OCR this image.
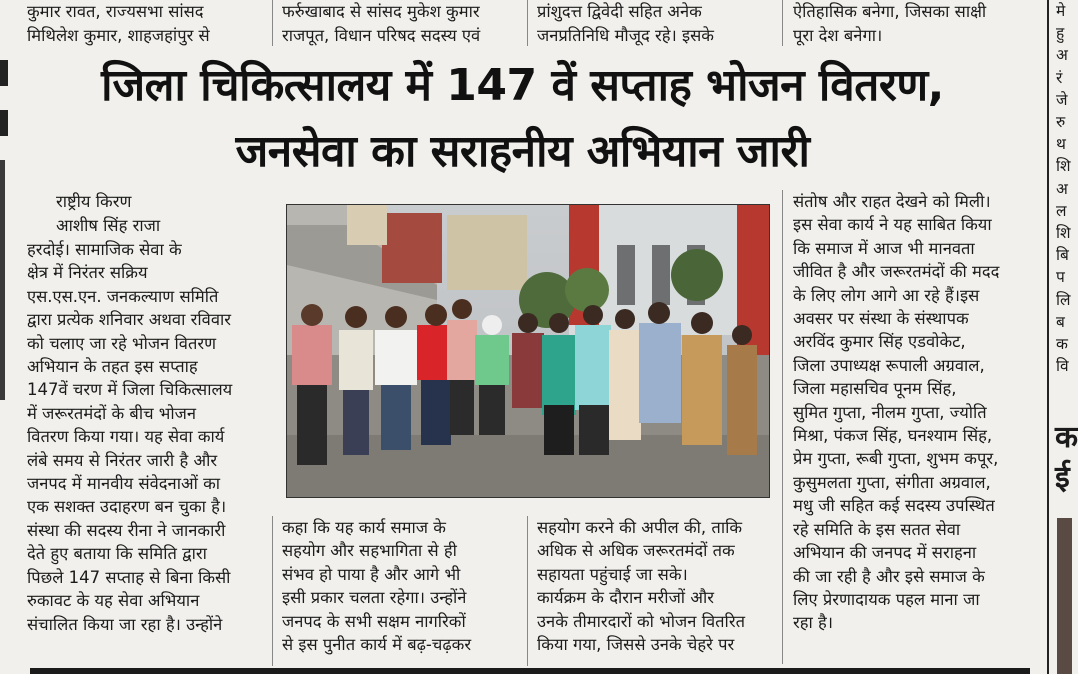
कुमार रावत, राज्यसभा सांसद
मिथिलेश कुमार, शाहजहांपुर से
फर्रुखाबाद से सांसद मुकेश कुमार
राजपूत, विधान परिषद सदस्य एवं
प्रांशुदत्त द्विवेदी सहित अनेक
जनप्रतिनिधि मौजूद रहे। इसके
ऐतिहासिक बनेगा, जिसका साक्षी
पूरा देश बनेगा।
जिला चिकित्सालय में 147 वें सप्ताह भोजन वितरण,
जनसेवा का सराहनीय अभियान जारी
राष्ट्रीय किरण
आशीष सिंह राजा
हरदोई। सामाजिक सेवा के
क्षेत्र में निरंतर सक्रिय
एस.एस.एन. जनकल्याण समिति
द्वारा प्रत्येक शनिवार अथवा रविवार
को चलाए जा रहे भोजन वितरण
अभियान के तहत इस सप्ताह
147वें चरण में जिला चिकित्सालय
में जरूरतमंदों के बीच भोजन
वितरण किया गया। यह सेवा कार्य
लंबे समय से निरंतर जारी है और
जनपद में मानवीय संवेदनाओं का
एक सशक्त उदाहरण बन चुका है।
संस्था की सदस्य रीना ने जानकारी
देते हुए बताया कि समिति द्वारा
पिछले 147 सप्ताह से बिना किसी
रुकावट के यह सेवा अभियान
संचालित किया जा रहा है। उन्होंने
कहा कि यह कार्य समाज के
सहयोग और सहभागिता से ही
संभव हो पाया है और आगे भी
इसी प्रकार चलता रहेगा। उन्होंने
जनपद के सभी सक्षम नागरिकों
से इस पुनीत कार्य में बढ़-चढ़कर
सहयोग करने की अपील की, ताकि
अधिक से अधिक जरूरतमंदों तक
सहायता पहुंचाई जा सके।
कार्यक्रम के दौरान मरीजों और
उनके तीमारदारों को भोजन वितरित
किया गया, जिससे उनके चेहरे पर
संतोष और राहत देखने को मिली।
इस सेवा कार्य ने यह साबित किया
कि समाज में आज भी मानवता
जीवित है और जरूरतमंदों की मदद
के लिए लोग आगे आ रहे हैं।इस
अवसर पर संस्था के संस्थापक
अरविंद कुमार सिंह एडवोकेट,
जिला उपाध्यक्ष रूपाली अग्रवाल,
जिला महासचिव पूनम सिंह,
सुमित गुप्ता, नीलम गुप्ता, ज्योति
मिश्रा, पंकज सिंह, घनश्याम सिंह,
प्रेम गुप्ता, रूबी गुप्ता, शुभम कपूर,
कुसुमलता गुप्ता, संगीता अग्रवाल,
मधु जी सहित कई सदस्य उपस्थित
रहे समिति के इस सतत सेवा
अभियान की जनपद में सराहना
की जा रही है और इसे समाज के
लिए प्रेरणादायक पहल माना जा
रहा है।

मे
हु
अ
रं
जे
रु
थ
शि
अ
ल
शि
बि
प
लि
ब
क
वि

क
ई
